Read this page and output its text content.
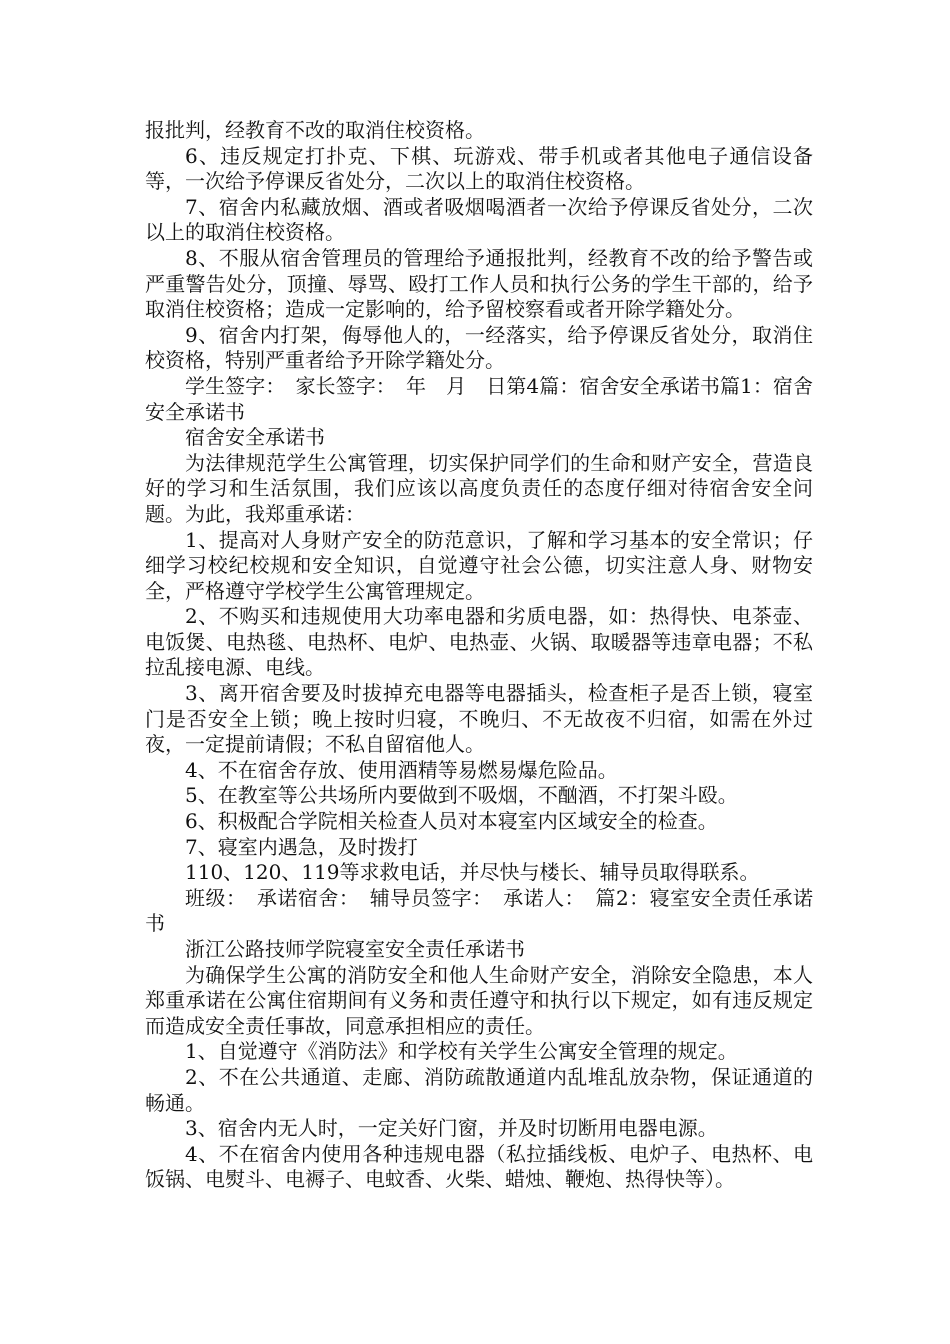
报批判，经教育不改的取消住校资格。

6、违反规定打扑克、下棋、玩游戏、带手机或者其他电子通信设备等，一次给予停课反省处分，二次以上的取消住校资格。

7、宿舍内私藏放烟、酒或者吸烟喝酒者一次给予停课反省处分，二次以上的取消住校资格。

8、不服从宿舍管理员的管理给予通报批判，经教育不改的给予警告或严重警告处分，顶撞、辱骂、殴打工作人员和执行公务的学生干部的，给予取消住校资格；造成一定影响的，给予留校察看或者开除学籍处分。

9、宿舍内打架，侮辱他人的，一经落实，给予停课反省处分，取消住校资格，特别严重者给予开除学籍处分。

学生签字：　家长签字：　年　月　日第4篇：宿舍安全承诺书篇1：宿舍安全承诺书

宿舍安全承诺书

为法律规范学生公寓管理，切实保护同学们的生命和财产安全，营造良好的学习和生活氛围，我们应该以高度负责任的态度仔细对待宿舍安全问题。为此，我郑重承诺：

1、提高对人身财产安全的防范意识，了解和学习基本的安全常识；仔细学习校纪校规和安全知识，自觉遵守社会公德，切实注意人身、财物安全，严格遵守学校学生公寓管理规定。

2、不购买和违规使用大功率电器和劣质电器，如：热得快、电茶壶、电饭煲、电热毯、电热杯、电炉、电热壶、火锅、取暖器等违章电器；不私拉乱接电源、电线。

3、离开宿舍要及时拔掉充电器等电器插头，检查柜子是否上锁，寝室门是否安全上锁；晚上按时归寝，不晚归、不无故夜不归宿，如需在外过夜，一定提前请假；不私自留宿他人。

4、不在宿舍存放、使用酒精等易燃易爆危险品。

5、在教室等公共场所内要做到不吸烟，不酗酒，不打架斗殴。

6、积极配合学院相关检查人员对本寝室内区域安全的检查。

7、寝室内遇急，及时拨打

110、120、119等求救电话，并尽快与楼长、辅导员取得联系。

班级：　承诺宿舍：　辅导员签字：　承诺人：　篇2：寝室安全责任承诺书

浙江公路技师学院寝室安全责任承诺书

为确保学生公寓的消防安全和他人生命财产安全，消除安全隐患，本人郑重承诺在公寓住宿期间有义务和责任遵守和执行以下规定，如有违反规定而造成安全责任事故，同意承担相应的责任。

1、自觉遵守《消防法》和学校有关学生公寓安全管理的规定。

2、不在公共通道、走廊、消防疏散通道内乱堆乱放杂物，保证通道的畅通。

3、宿舍内无人时，一定关好门窗，并及时切断用电器电源。

4、不在宿舍内使用各种违规电器（私拉插线板、电炉子、电热杯、电饭锅、电熨斗、电褥子、电蚊香、火柴、蜡烛、鞭炮、热得快等）。
